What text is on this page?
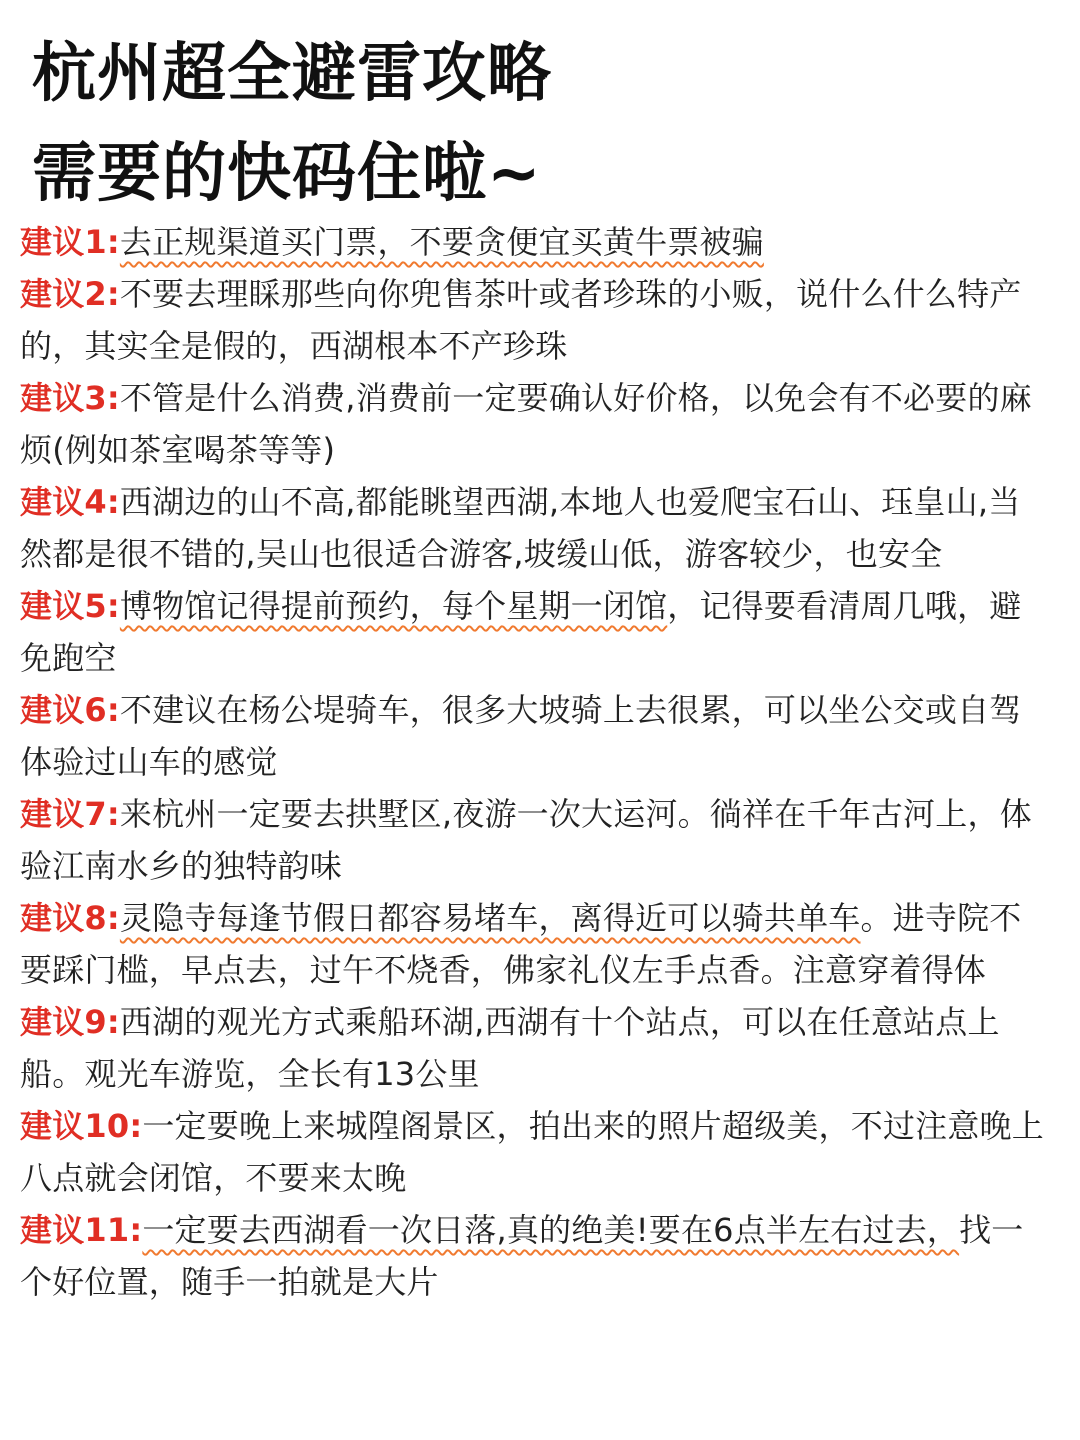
杭州超全避雷攻略
需要的快码住啦~
建议1:去正规渠道买门票，不要贪便宜买黄牛票被骗
建议2:不要去理睬那些向你兜售茶叶或者珍珠的小贩，说什么什么特产的，其实全是假的，西湖根本不产珍珠
建议3:不管是什么消费,消费前一定要确认好价格，以免会有不必要的麻烦(例如茶室喝茶等等)
建议4:西湖边的山不高,都能眺望西湖,本地人也爱爬宝石山、珏皇山,当然都是很不错的,吴山也很适合游客,坡缓山低，游客较少，也安全
建议5:博物馆记得提前预约，每个星期一闭馆，记得要看清周几哦，避免跑空
建议6:不建议在杨公堤骑车，很多大坡骑上去很累，可以坐公交或自驾体验过山车的感觉
建议7:来杭州一定要去拱墅区,夜游一次大运河。徜祥在千年古河上，体验江南水乡的独特韵味
建议8:灵隐寺每逢节假日都容易堵车，离得近可以骑共单车。进寺院不要踩门槛，早点去，过午不烧香，佛家礼仪左手点香。注意穿着得体
建议9:西湖的观光方式乘船环湖,西湖有十个站点，可以在任意站点上船。观光车游览，全长有13公里
建议10:一定要晚上来城隍阁景区，拍出来的照片超级美，不过注意晚上八点就会闭馆，不要来太晚
建议11:一定要去西湖看一次日落,真的绝美!要在6点半左右过去，找一个好位置，随手一拍就是大片
